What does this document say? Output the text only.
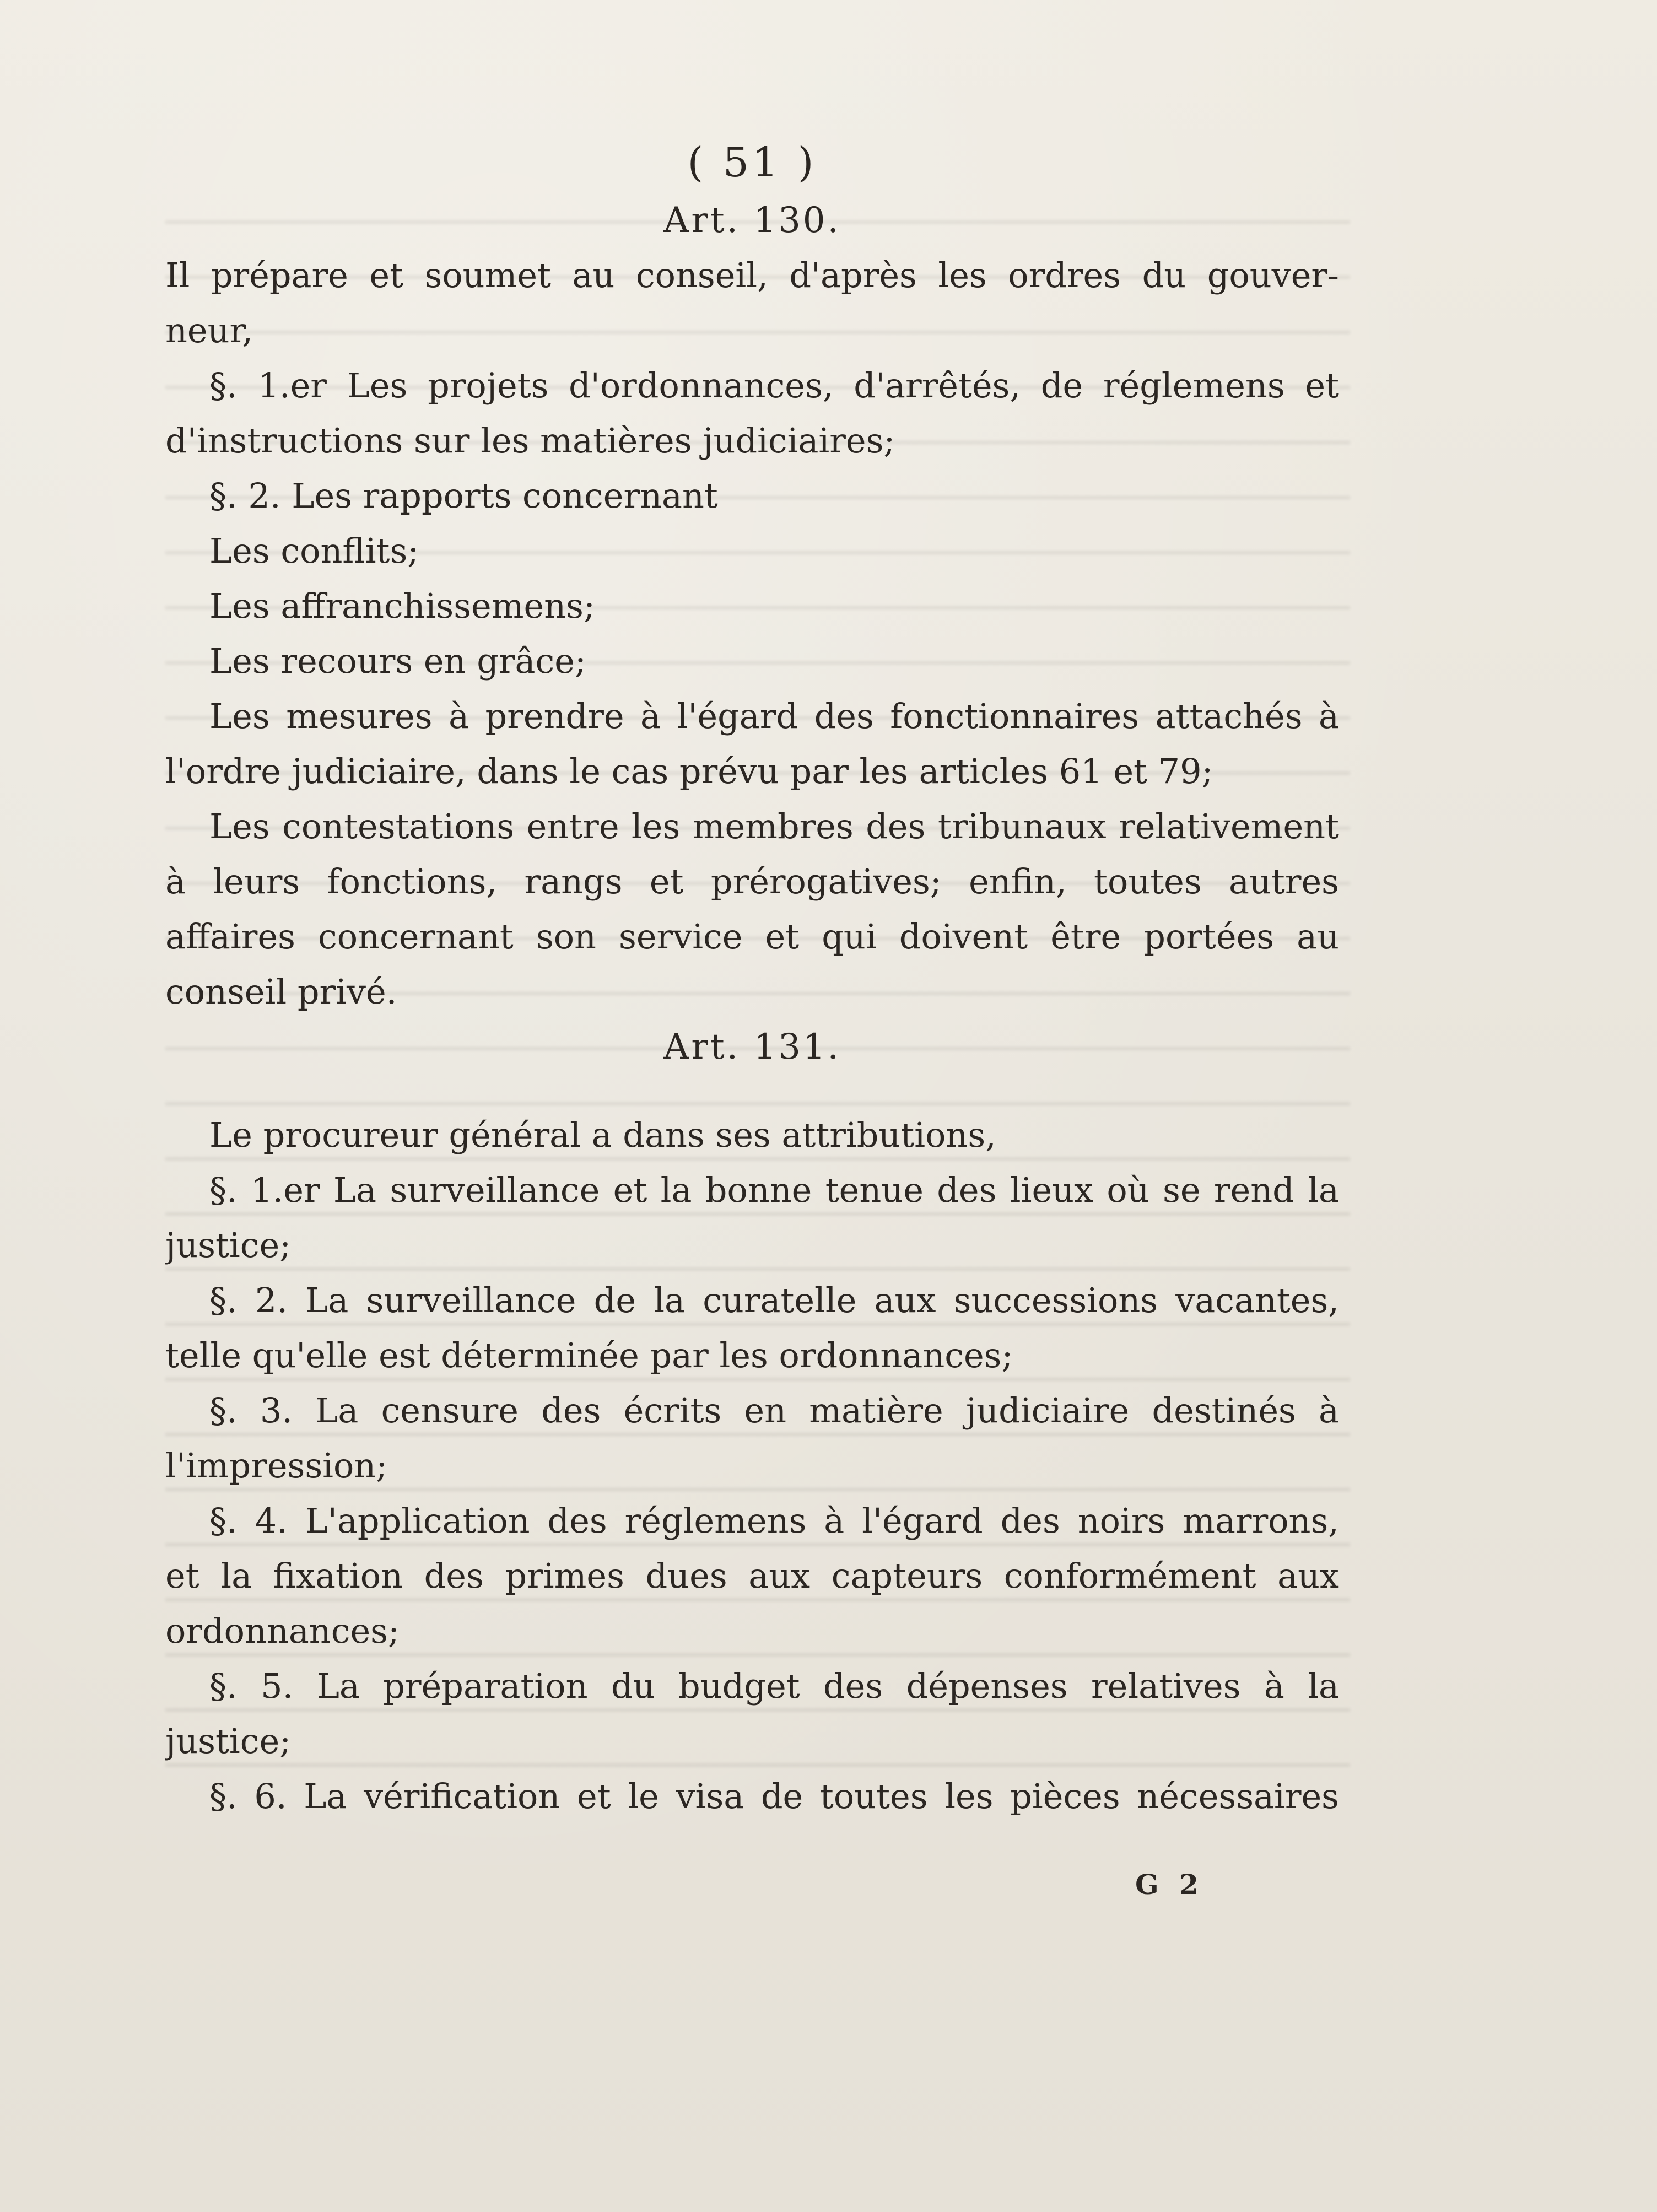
( 51 )
Art. 130.
Il prépare et soumet au conseil, d'après les ordres du gouver-
neur,
§. 1.er Les projets d'ordonnances, d'arrêtés, de réglemens et
d'instructions sur les matières judiciaires;
§. 2. Les rapports concernant
Les conflits;
Les affranchissemens;
Les recours en grâce;
Les mesures à prendre à l'égard des fonctionnaires attachés à
l'ordre judiciaire, dans le cas prévu par les articles 61 et 79;
Les contestations entre les membres des tribunaux relativement
à leurs fonctions, rangs et prérogatives; enfin, toutes autres
affaires concernant son service et qui doivent être portées au
conseil privé.
Art. 131.
Le procureur général a dans ses attributions,
§. 1.er La surveillance et la bonne tenue des lieux où se rend la
justice;
§. 2. La surveillance de la curatelle aux successions vacantes,
telle qu'elle est déterminée par les ordonnances;
§. 3. La censure des écrits en matière judiciaire destinés à
l'impression;
§. 4. L'application des réglemens à l'égard des noirs marrons,
et la fixation des primes dues aux capteurs conformément aux
ordonnances;
§. 5. La préparation du budget des dépenses relatives à la
justice;
§. 6. La vérification et le visa de toutes les pièces nécessaires
G 2
